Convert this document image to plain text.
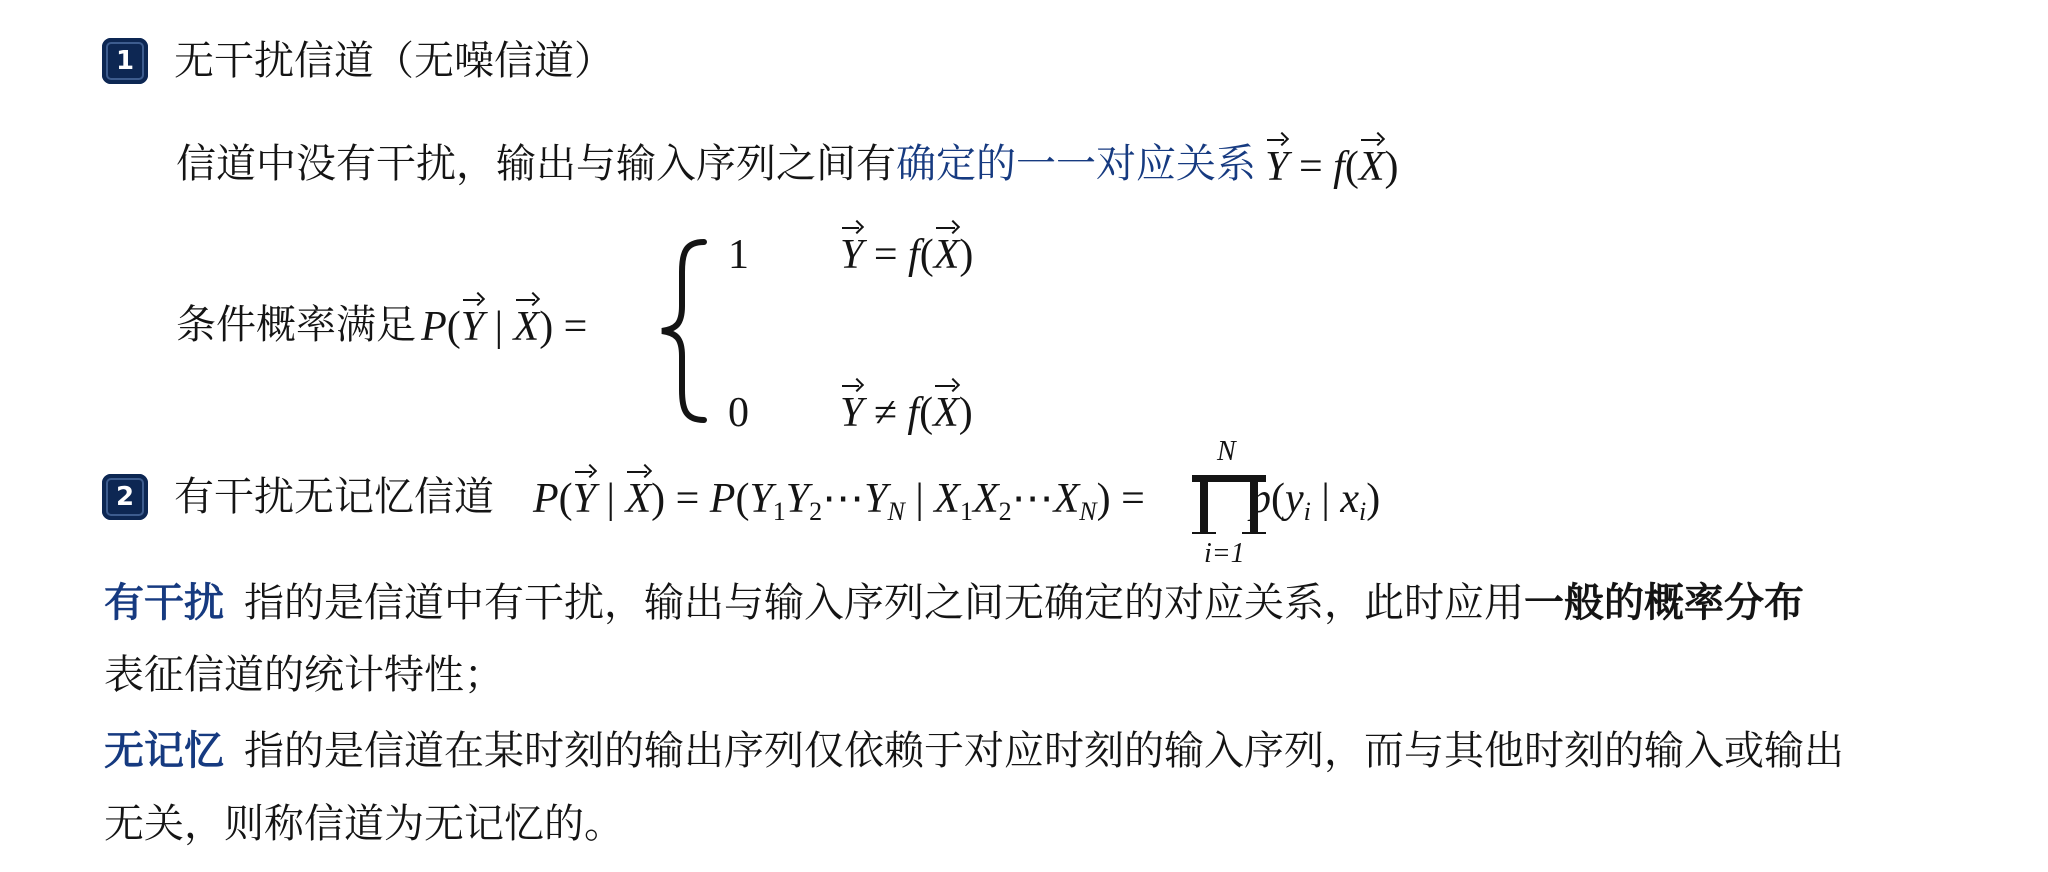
1 无干扰信道（无噪信道）
信道中没有干扰，输出与输入序列之间有确定的一一对应关系 Y
= f(X
)
条件概率满足 P(Y
| X
) =
1 Y
= f(X
)
0 Y
≠ f(X
)
2 有干扰无记忆信道 P(Y
| X
) = $P(Y_1Y_2\cdots Y_N$ | $X_1X_2\cdots X_N$) =
N
i=1
$p(y_i$ | $x_i$)
有干扰 指的是信道中有干扰，输出与输入序列之间无确定的对应关系，此时应用一般的概率分布
表征信道的统计特性；
无记忆 指的是信道在某时刻的输出序列仅依赖于对应时刻的输入序列，而与其他时刻的输入或输出
无关，则称信道为无记忆的。
